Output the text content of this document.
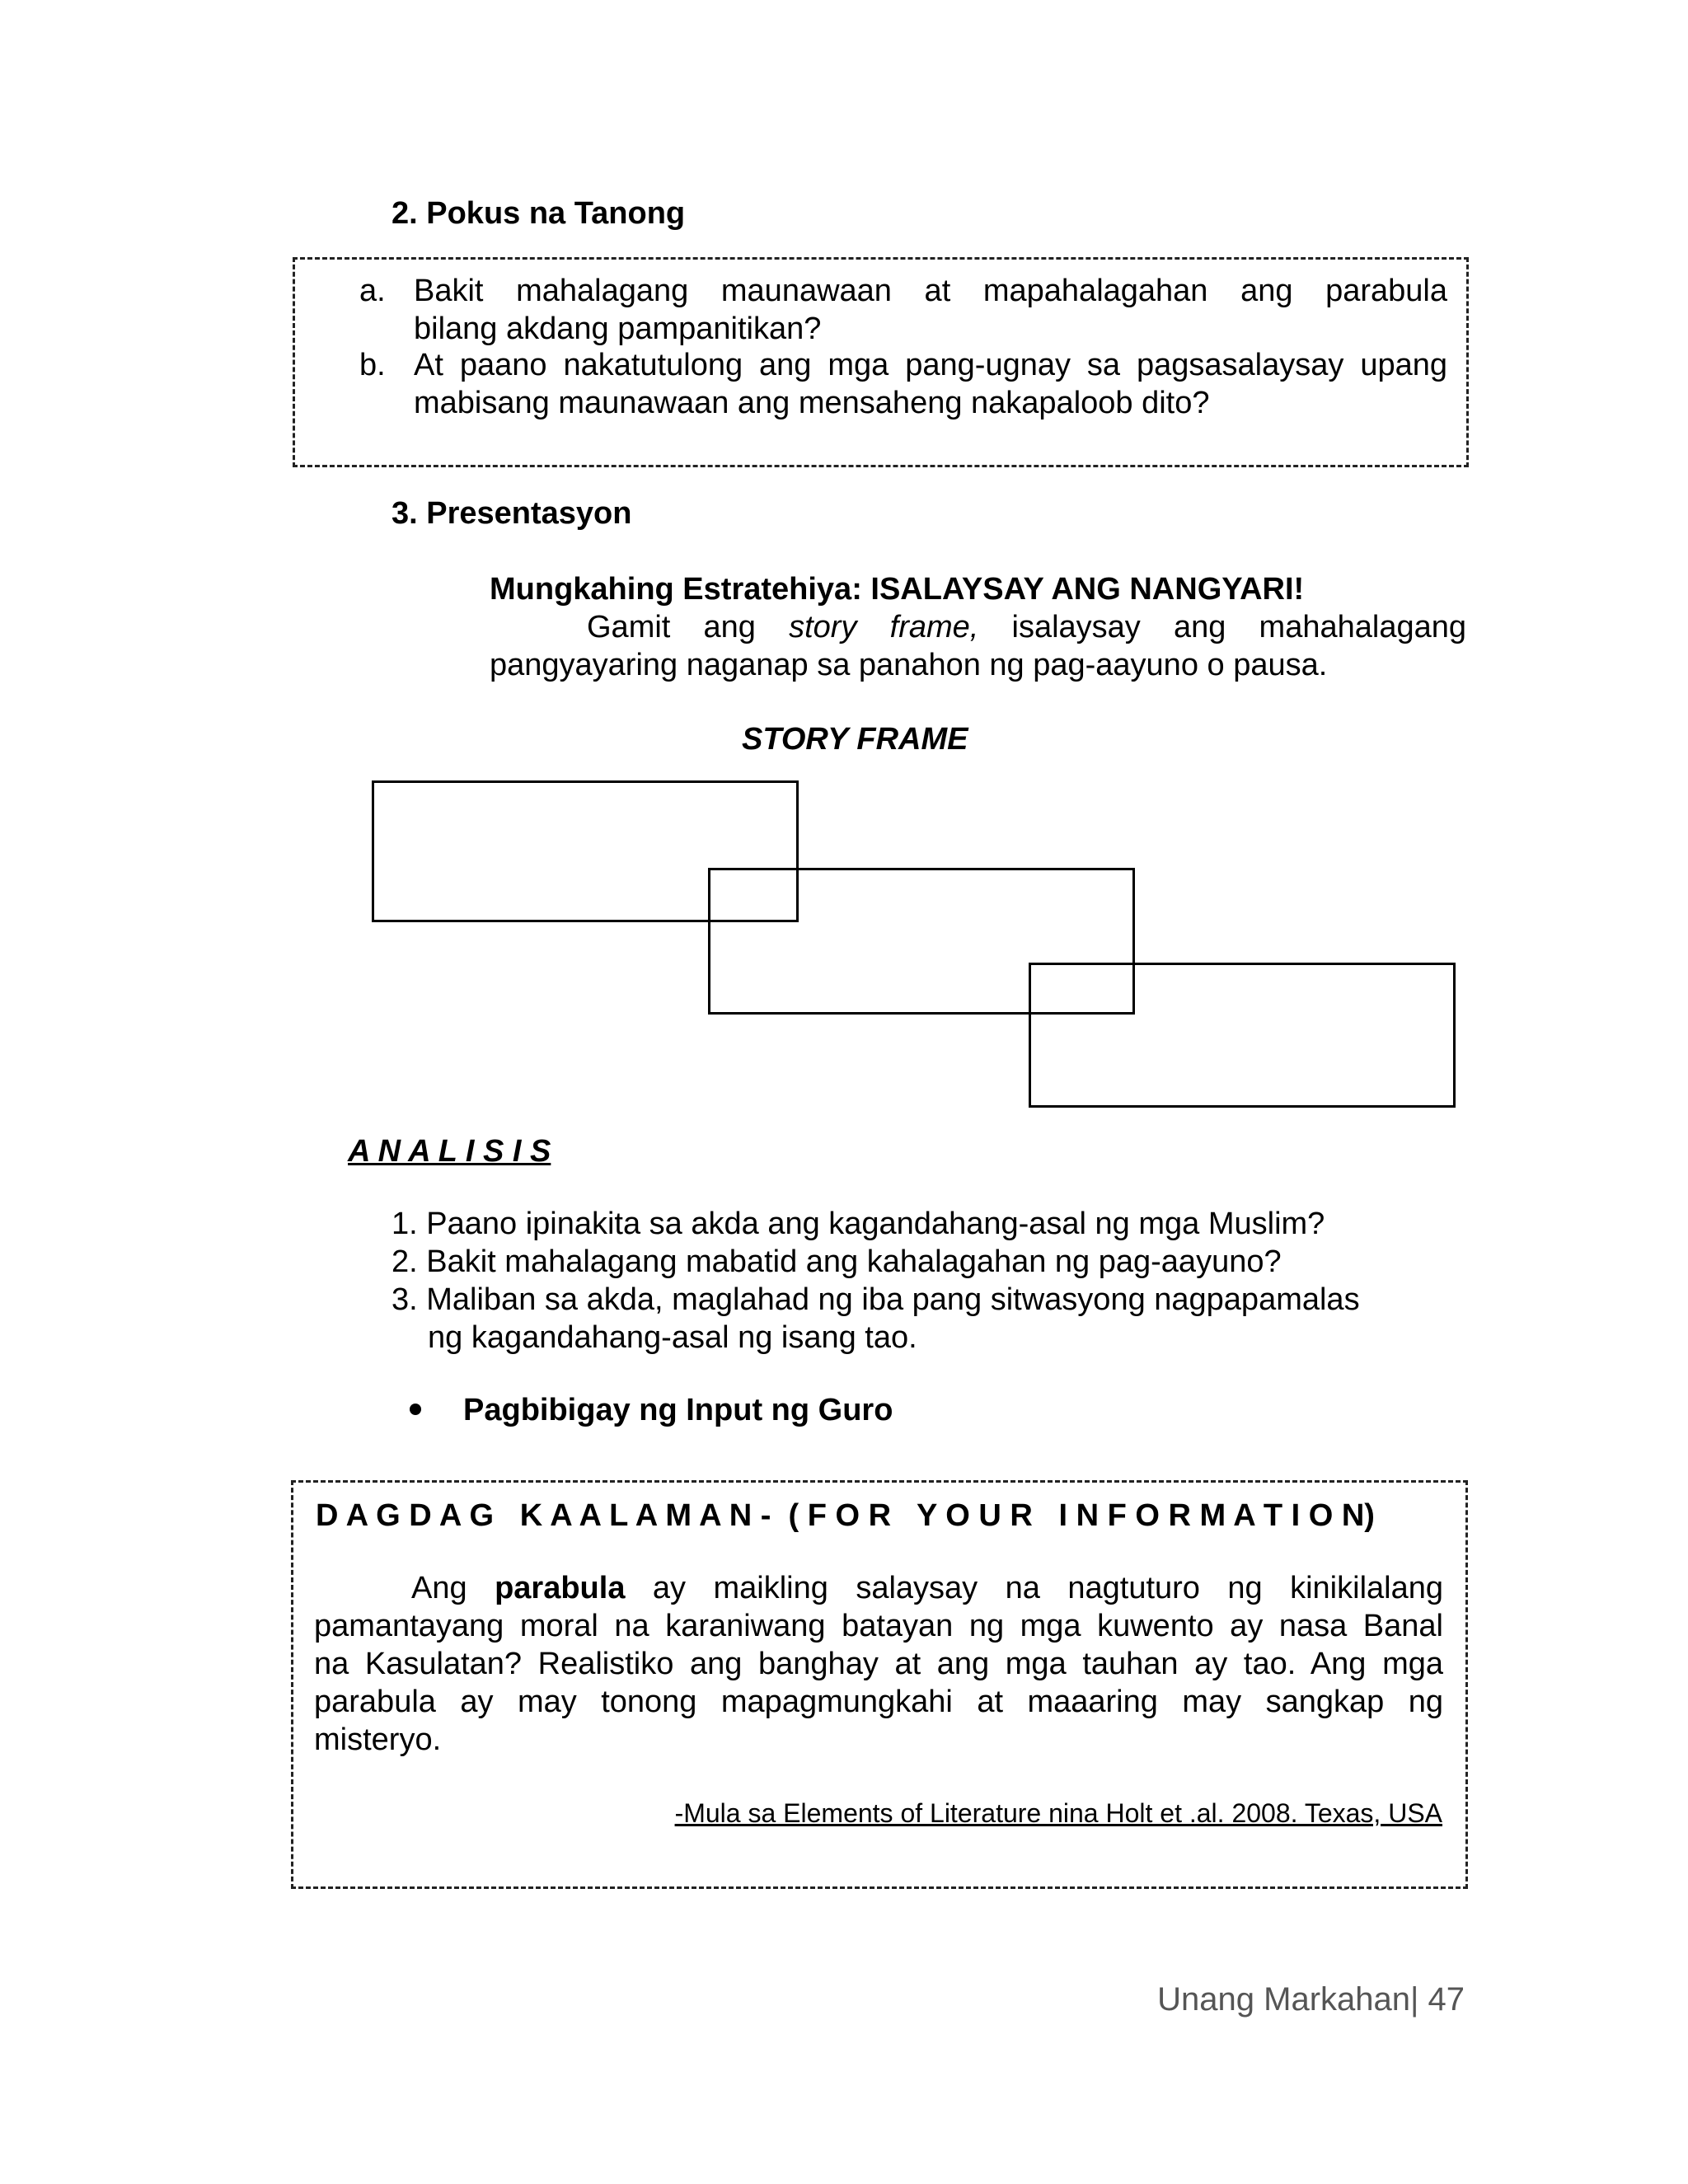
2. Pokus na Tanong
a. Bakit mahalagang maunawaan at mapahalagahan ang parabula
bilang akdang pampanitikan?
b. At paano nakatutulong ang mga pang-ugnay sa pagsasalaysay upang
mabisang maunawaan ang mensaheng nakapaloob dito?
3. Presentasyon
Mungkahing Estratehiya: ISALAYSAY ANG NANGYARI!
Gamit ang story frame, isalaysay ang mahahalagang
pangyayaring naganap sa panahon ng pag-aayuno o pausa.
STORY FRAME
A N A L I S I S
1. Paano ipinakita sa akda ang kagandahang-asal ng mga Muslim?
2. Bakit mahalagang mabatid ang kahalagahan ng pag-aayuno?
3. Maliban sa akda, maglahad ng iba pang sitwasyong nagpapamalas
ng kagandahang-asal ng isang tao.
Pagbibigay ng Input ng Guro
D A G D A G   K A A L A M A N -  ( F O R   Y O U R   I N F O R M A T I O N)
Ang parabula ay maikling salaysay na nagtuturo ng kinikilalang
pamantayang moral na karaniwang batayan ng mga kuwento ay nasa Banal
na Kasulatan? Realistiko ang banghay at ang mga tauhan ay tao. Ang mga
parabula ay may tonong mapagmungkahi at maaaring may sangkap ng
misteryo.
-Mula sa Elements of Literature nina Holt et .al. 2008. Texas, USA
Unang Markahan| 47
